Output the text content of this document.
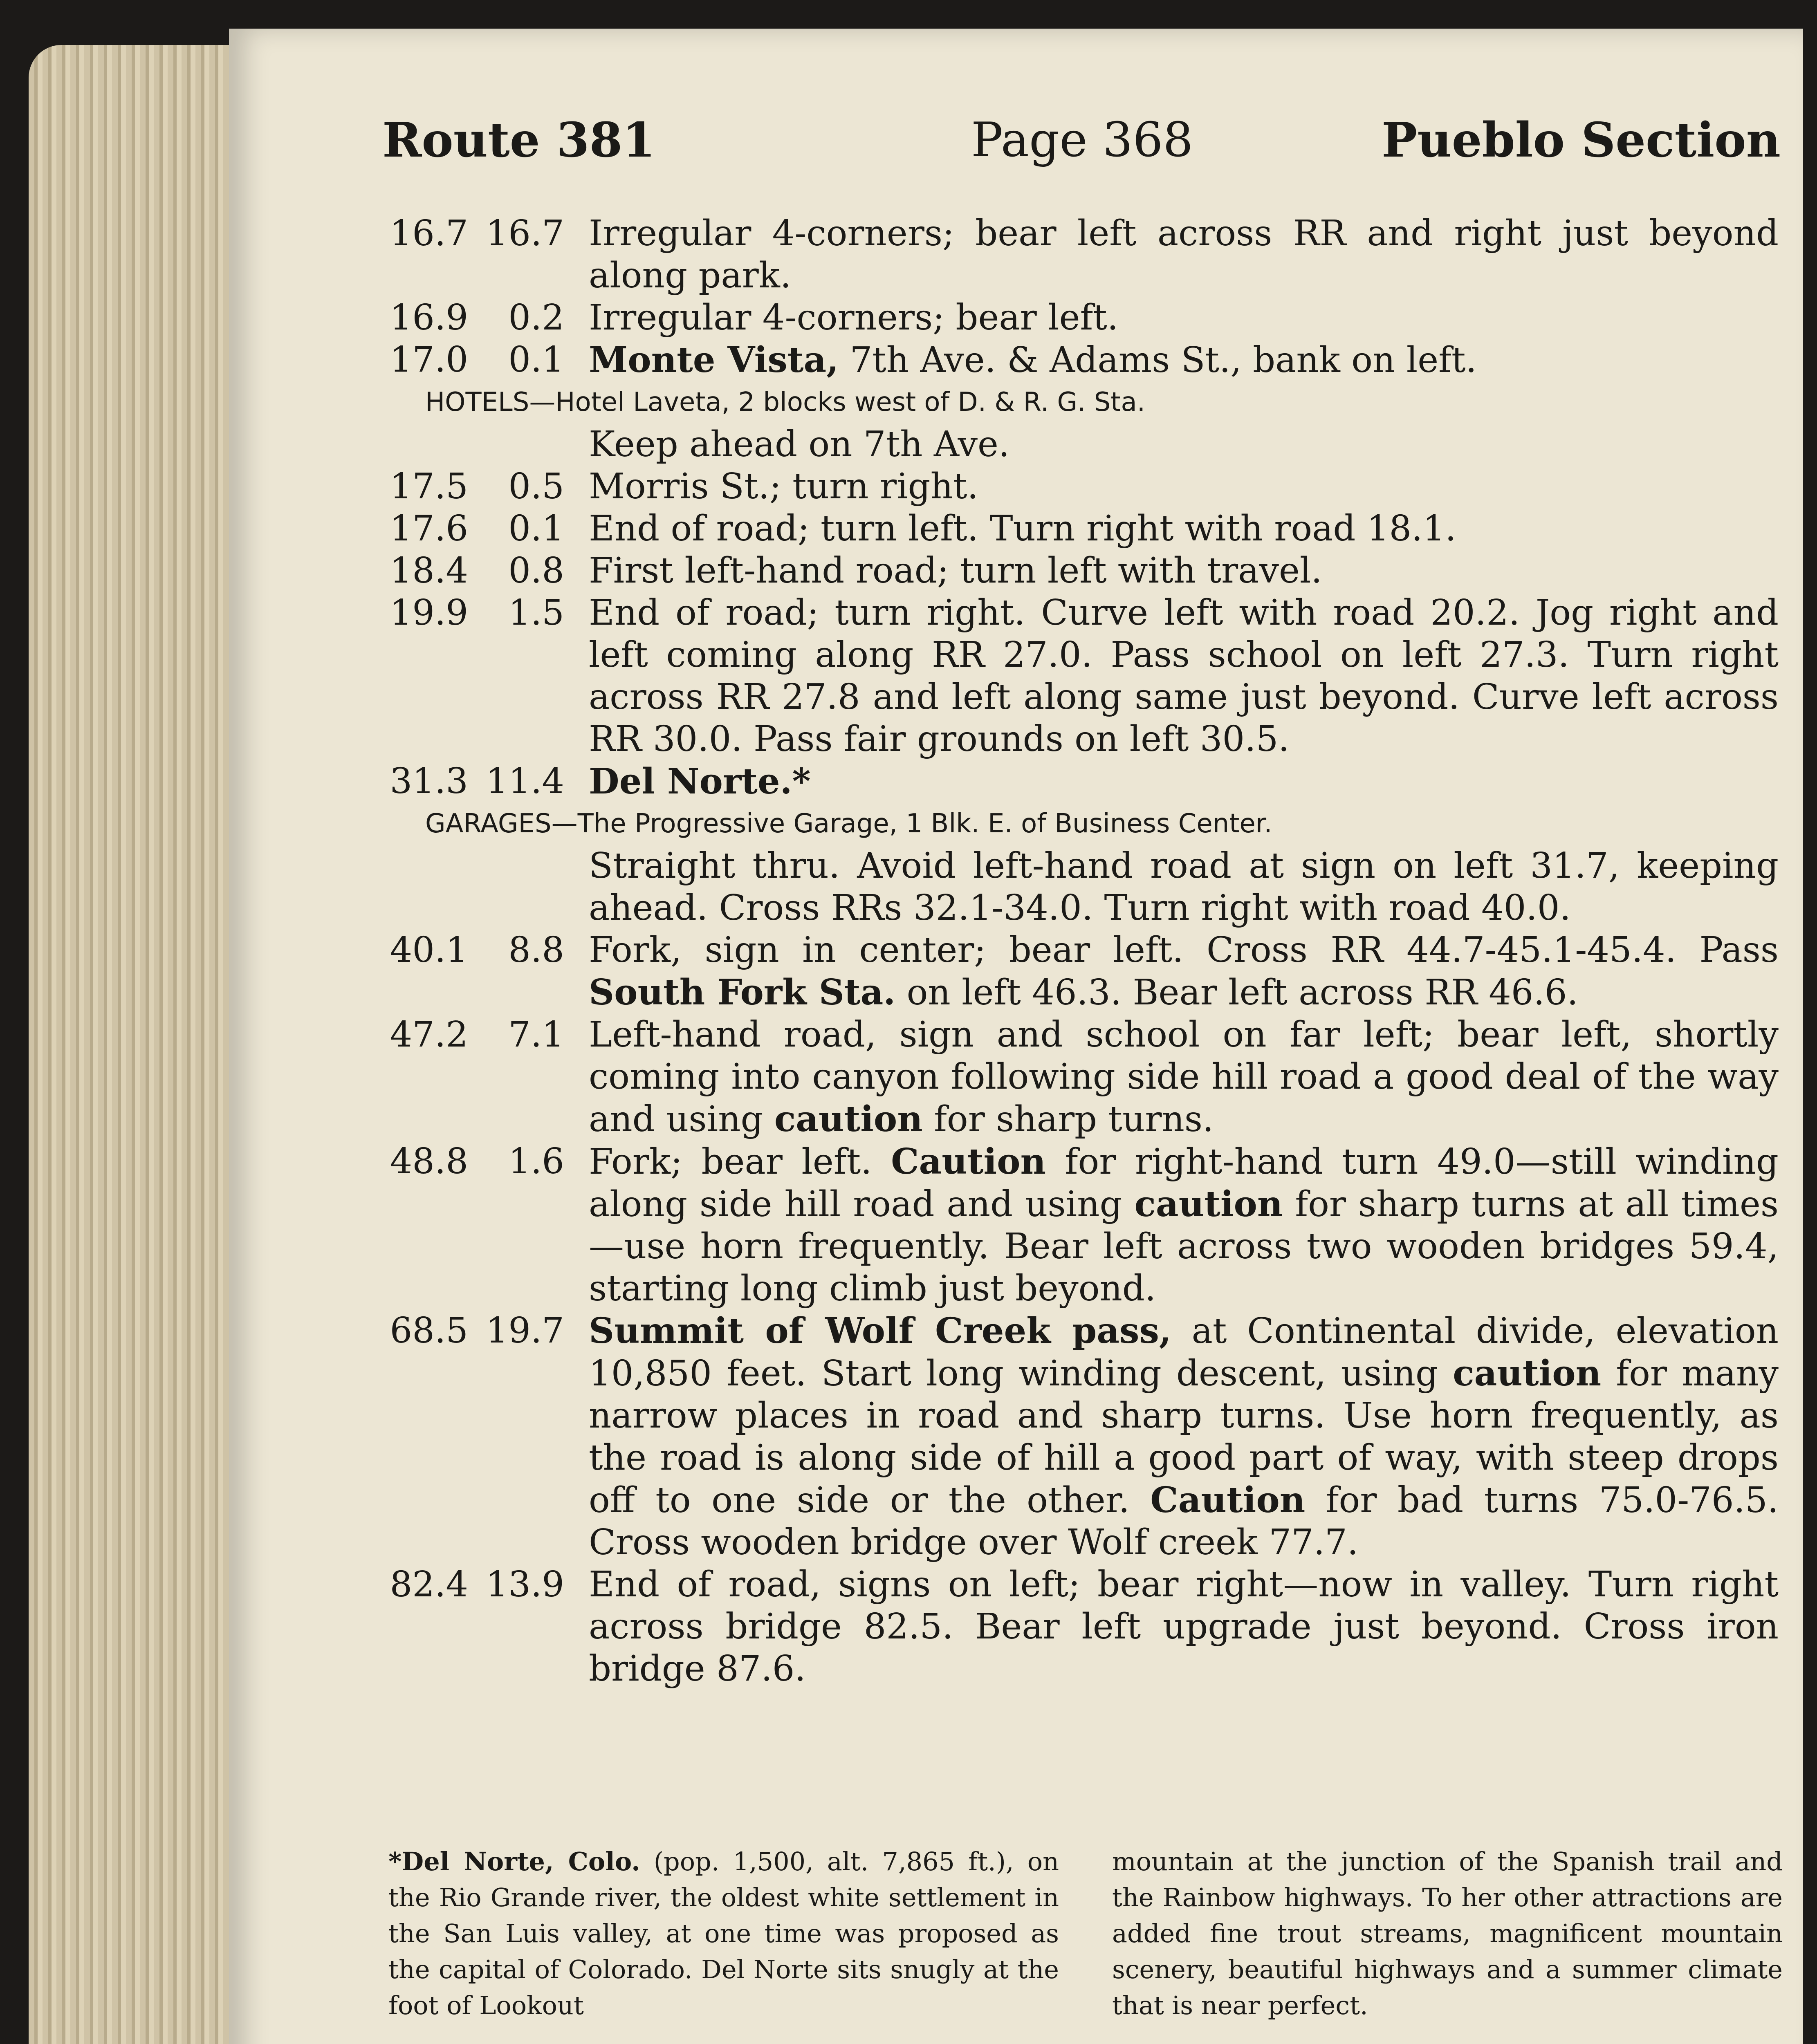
Route 381	Page 368	Pueblo Section
16.7 16.7 Irregular 4-corners; bear left across RR and right just beyond along park.
16.9	0.2 Irregular 4-corners; bear left.
17.0	0.1 Monte Vista, 7th Ave. & Adams St., bank on left.
HOTELS—Hotel Laveta, 2 blocks west of D. & R. G. Sta.
Keep ahead on 7th Ave.
17.5	0.5 Morris St.; turn right.
17.6	0.1 End of road; turn left. Turn right with road 18.1.
18.4	0.8 First left-hand road; turn left with travel.
19.9	1.5 End of road; turn right. Curve left with road 20.2. Jog right and left coming along RR 27.0. Pass school on left 27.3. Turn right across RR 27.8 and left along same just beyond. Curve left across RR 30.0. Pass fair grounds on left 30.5.
31.3 11.4 Del Norte.*
GARAGES—The Progressive Garage, 1 Blk. E. of Business Center.
Straight thru. Avoid left-hand road at sign on left 31.7, keeping ahead. Cross RRs 32.1-34.0. Turn right with road 40.0.
40.1	8.8 Fork, sign in center; bear left. Cross RR 44.7-45.1-45.4. Pass South Fork Sta. on left 46.3. Bear left across RR 46.6.
47.2	7.1 Left-hand road, sign and school on far left; bear left, shortly coming into canyon following side hill road a good deal of the way and using caution for sharp turns.
48.8	1.6 Fork; bear left. Caution for right-hand turn 49.0—still winding along side hill road and using caution for sharp turns at all times—use horn frequently. Bear left across two wooden bridges 59.4, starting long climb just beyond.
68.5 19.7 Summit of Wolf Creek pass, at Continental divide, elevation 10,850 feet. Start long winding descent, using caution for many narrow places in road and sharp turns. Use horn frequently, as the road is along side of hill a good part of way, with steep drops off to one side or the other. Caution for bad turns 75.0-76.5. Cross wooden bridge over Wolf creek 77.7.
82.4 13.9 End of road, signs on left; bear right—now in valley. Turn right across bridge 82.5. Bear left upgrade just beyond. Cross iron bridge 87.6.
*Del Norte, Colo. (pop. 1,500, alt. 7,865 ft.), on the Rio Grande river, the oldest white settlement in the San Luis valley, at one time was proposed as the capital of Colorado. Del Norte sits snugly at the foot of Lookout
mountain at the junction of the Spanish trail and the Rainbow highways. To her other attractions are added fine trout streams, magnificent mountain scenery, beautiful highways and a summer climate that is near perfect.
